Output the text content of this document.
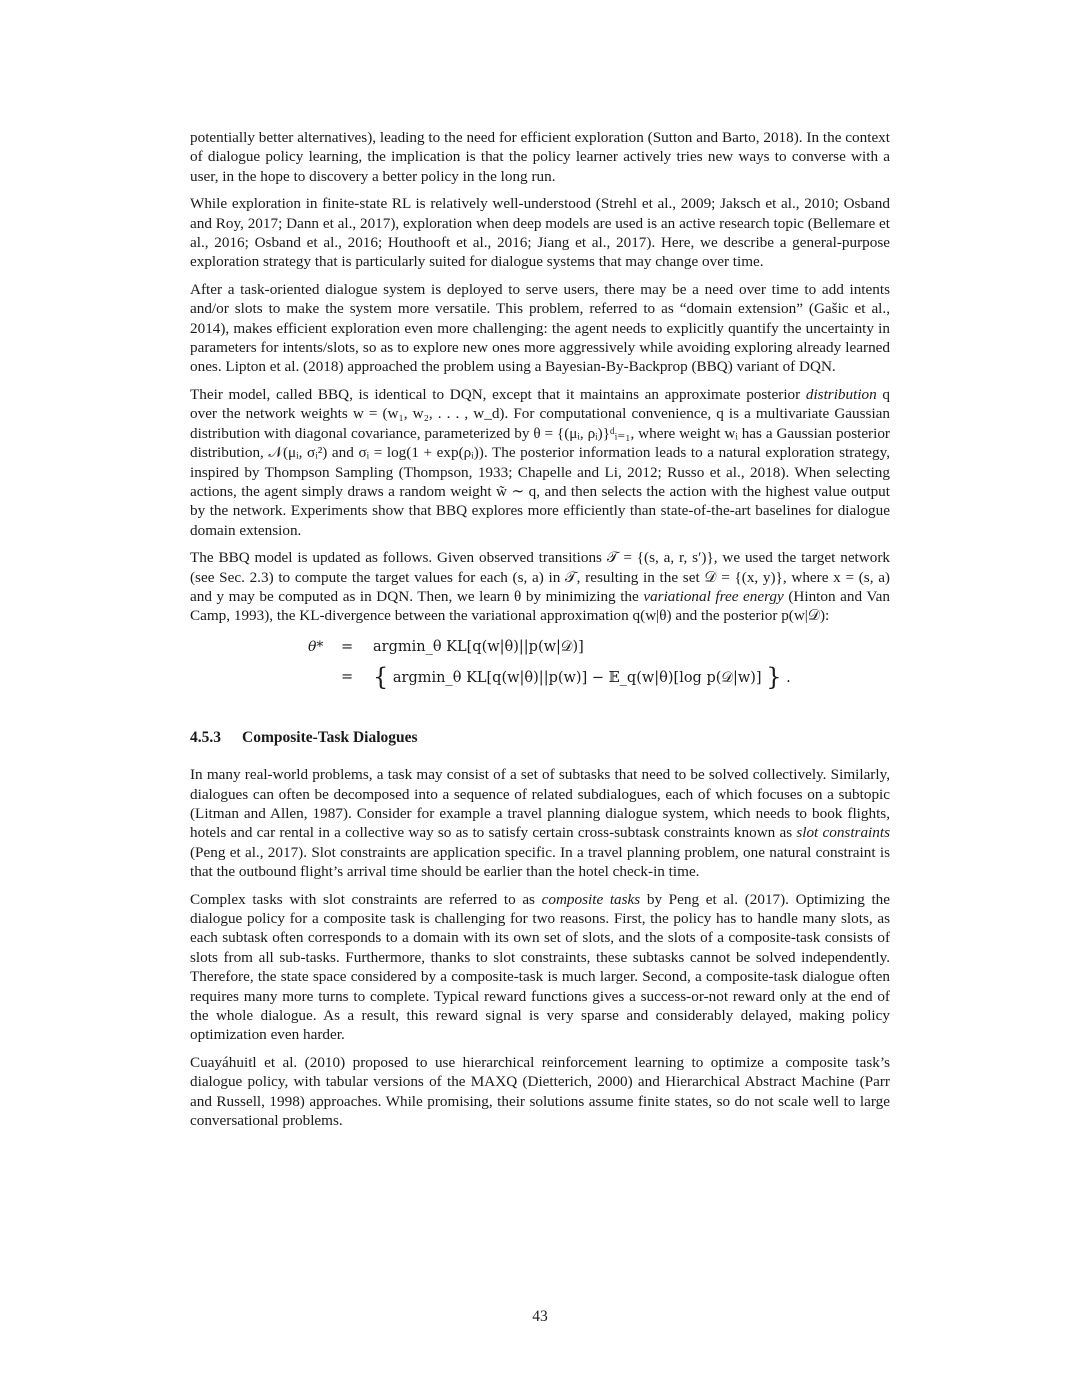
potentially better alternatives), leading to the need for efficient exploration (Sutton and Barto, 2018). In the context of dialogue policy learning, the implication is that the policy learner actively tries new ways to converse with a user, in the hope to discovery a better policy in the long run.

While exploration in finite-state RL is relatively well-understood (Strehl et al., 2009; Jaksch et al., 2010; Osband and Roy, 2017; Dann et al., 2017), exploration when deep models are used is an active research topic (Bellemare et al., 2016; Osband et al., 2016; Houthooft et al., 2016; Jiang et al., 2017). Here, we describe a general-purpose exploration strategy that is particularly suited for dialogue systems that may change over time.

After a task-oriented dialogue system is deployed to serve users, there may be a need over time to add intents and/or slots to make the system more versatile. This problem, referred to as “domain extension” (Gašic et al., 2014), makes efficient exploration even more challenging: the agent needs to explicitly quantify the uncertainty in parameters for intents/slots, so as to explore new ones more aggressively while avoiding exploring already learned ones. Lipton et al. (2018) approached the problem using a Bayesian-By-Backprop (BBQ) variant of DQN.

Their model, called BBQ, is identical to DQN, except that it maintains an approximate posterior distribution q over the network weights w = (w₁, w₂, . . . , w_d). For computational convenience, q is a multivariate Gaussian distribution with diagonal covariance, parameterized by θ = {(μᵢ, ρᵢ)}ᵈᵢ₌₁, where weight wᵢ has a Gaussian posterior distribution, 𝒩(μᵢ, σᵢ²) and σᵢ = log(1 + exp(ρᵢ)). The posterior information leads to a natural exploration strategy, inspired by Thompson Sampling (Thompson, 1933; Chapelle and Li, 2012; Russo et al., 2018). When selecting actions, the agent simply draws a random weight w̃ ∼ q, and then selects the action with the highest value output by the network. Experiments show that BBQ explores more efficiently than state-of-the-art baselines for dialogue domain extension.

The BBQ model is updated as follows. Given observed transitions 𝒯 = {(s, a, r, s′)}, we used the target network (see Sec. 2.3) to compute the target values for each (s, a) in 𝒯, resulting in the set 𝒟 = {(x, y)}, where x = (s, a) and y may be computed as in DQN. Then, we learn θ by minimizing the variational free energy (Hinton and Van Camp, 1993), the KL-divergence between the variational approximation q(w|θ) and the posterior p(w|𝒟):

θ* = argmin_θ KL[q(w|θ)||p(w|𝒟)]
= { argmin_θ KL[q(w|θ)||p(w)] − 𝔼_q(w|θ)[log p(𝒟|w)] } .
4.5.3 Composite-Task Dialogues

In many real-world problems, a task may consist of a set of subtasks that need to be solved collectively. Similarly, dialogues can often be decomposed into a sequence of related subdialogues, each of which focuses on a subtopic (Litman and Allen, 1987). Consider for example a travel planning dialogue system, which needs to book flights, hotels and car rental in a collective way so as to satisfy certain cross-subtask constraints known as slot constraints (Peng et al., 2017). Slot constraints are application specific. In a travel planning problem, one natural constraint is that the outbound flight’s arrival time should be earlier than the hotel check-in time.

Complex tasks with slot constraints are referred to as composite tasks by Peng et al. (2017). Optimizing the dialogue policy for a composite task is challenging for two reasons. First, the policy has to handle many slots, as each subtask often corresponds to a domain with its own set of slots, and the slots of a composite-task consists of slots from all sub-tasks. Furthermore, thanks to slot constraints, these subtasks cannot be solved independently. Therefore, the state space considered by a composite-task is much larger. Second, a composite-task dialogue often requires many more turns to complete. Typical reward functions gives a success-or-not reward only at the end of the whole dialogue. As a result, this reward signal is very sparse and considerably delayed, making policy optimization even harder.

Cuayáhuitl et al. (2010) proposed to use hierarchical reinforcement learning to optimize a composite task’s dialogue policy, with tabular versions of the MAXQ (Dietterich, 2000) and Hierarchical Abstract Machine (Parr and Russell, 1998) approaches. While promising, their solutions assume finite states, so do not scale well to large conversational problems.

43
